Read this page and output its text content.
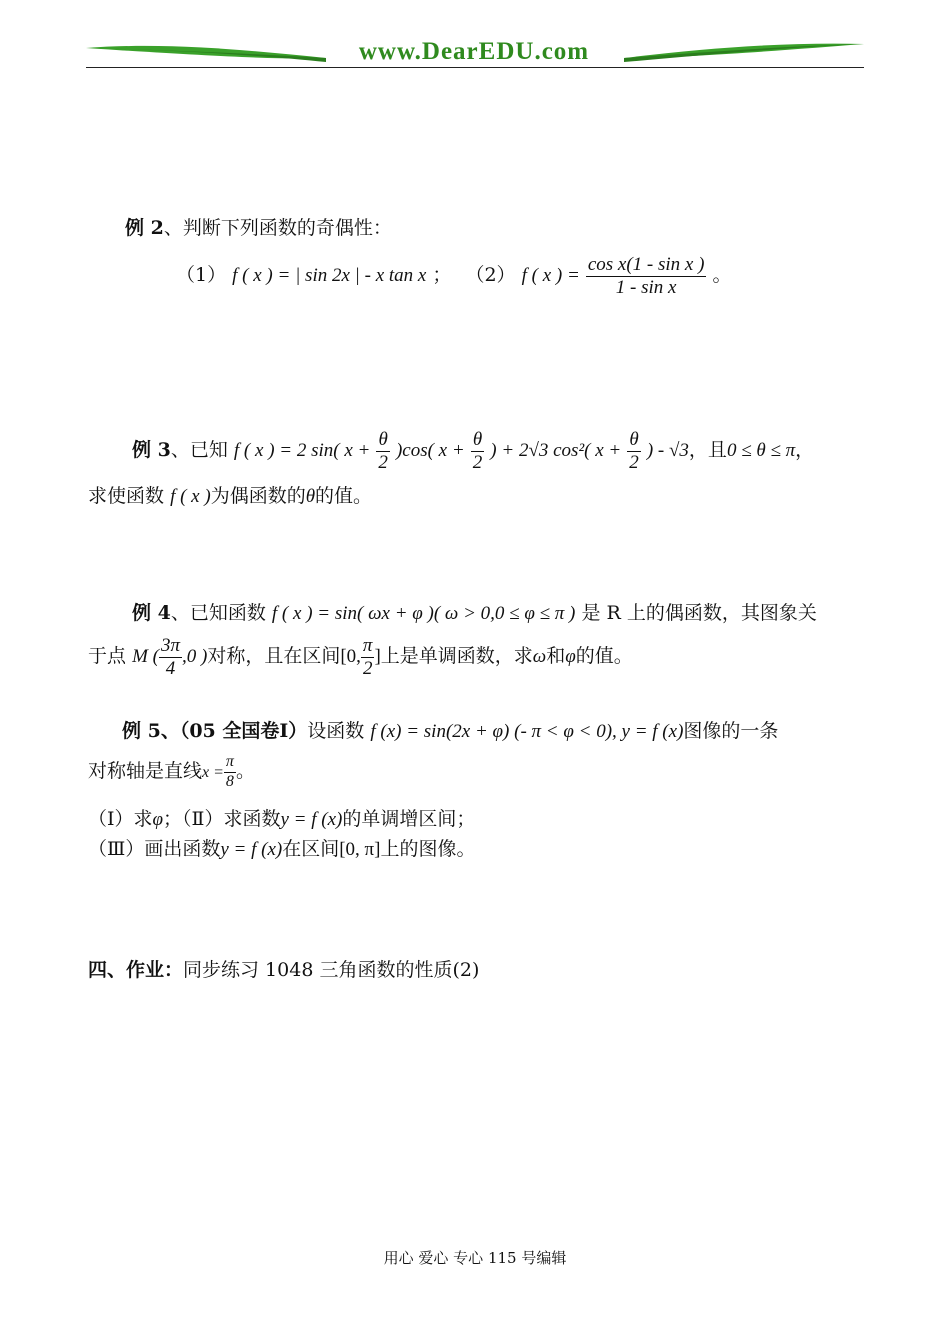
www.DearEDU.com
例 2、判断下列函数的奇偶性：
（1） f ( x ) = | sin 2x | - x tan x ； （2） f ( x ) = $\frac{\text{cos x(1 - sin x )}}{\text{1 - sin x}}$ 。
例 3、已知 f ( x ) = 2 sin( $x + \frac{\theta}{2} )\cos$( $x + \frac{\theta}{2}$ ) + 2√3 cos²( $x + \frac{\theta}{2}$ ) - √3，且0 ≤ θ ≤ π，
求使函数 f ( x )为偶函数的θ的值。
例 4、已知函数 f ( x ) = sin( ωx + φ )( ω > 0,0 ≤ φ ≤ π ) 是 R 上的偶函数，其图象关
于点 M ( $\frac{3\pi}{4} ,0$ )对称，且在区间[0, $\frac{\pi}{2}$ ]上是单调函数，求ω和φ的值。
例 5、（05 全国卷Ⅰ）设函数 f (x) = sin(2x + φ) (- π < φ < 0), y = f (x)图像的一条
对称轴是直线$x = \frac{\pi}{8}$ 。
（Ⅰ）求φ；（Ⅱ）求函数y = f (x)的单调增区间；
（Ⅲ）画出函数y = f (x)在区间[0, π]上的图像。
四、作业：同步练习 1048 三角函数的性质(2)
用心 爱心 专心 115 号编辑
